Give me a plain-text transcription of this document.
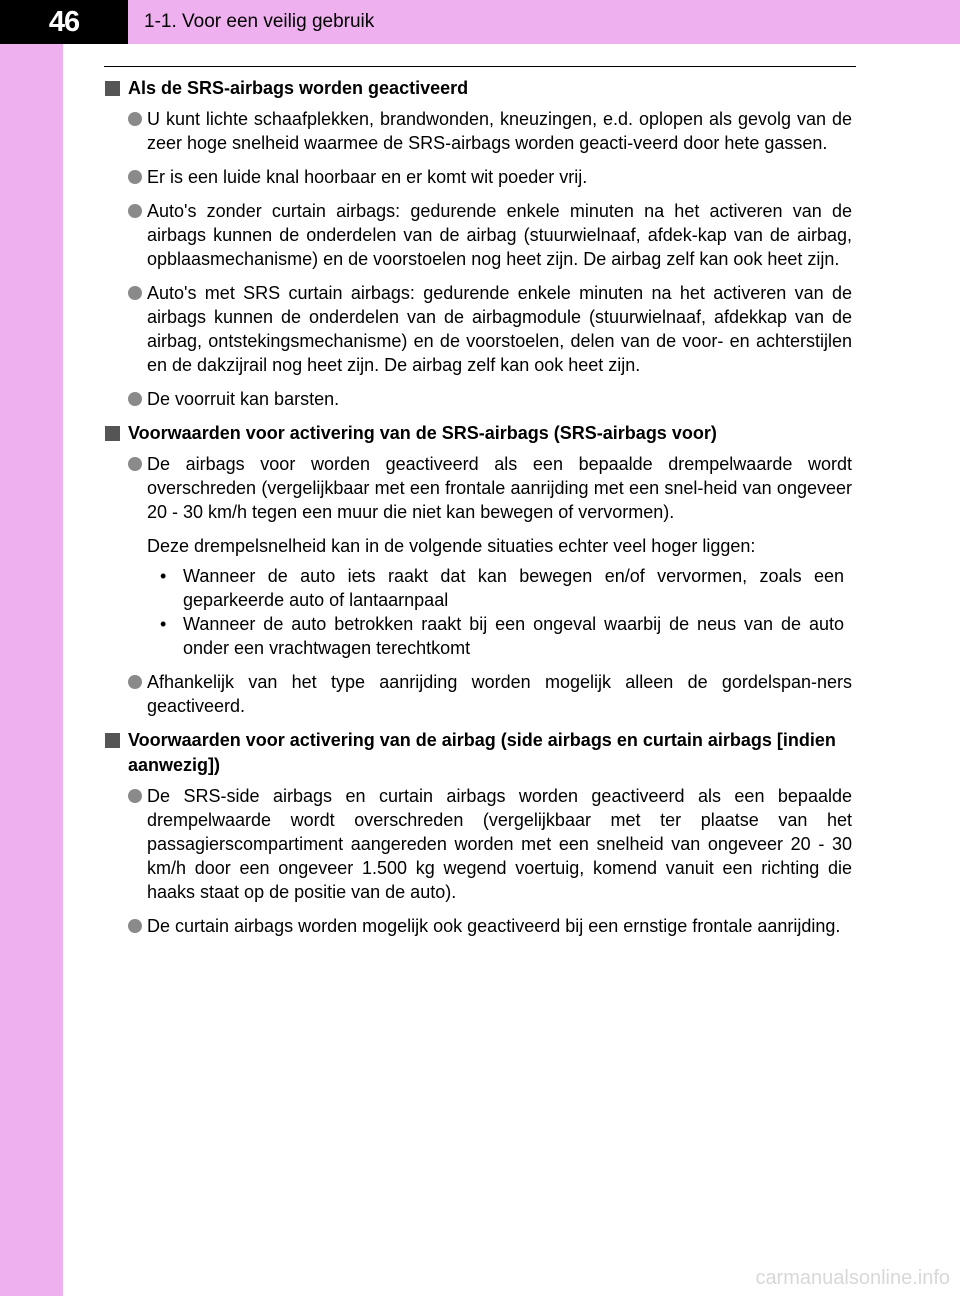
46	1-1. Voor een veilig gebruik
Als de SRS-airbags worden geactiveerd

U kunt lichte schaafplekken, brandwonden, kneuzingen, e.d. oplopen als gevolg van de zeer hoge snelheid waarmee de SRS-airbags worden geacti-veerd door hete gassen.

Er is een luide knal hoorbaar en er komt wit poeder vrij.

Auto's zonder curtain airbags: gedurende enkele minuten na het activeren van de airbags kunnen de onderdelen van de airbag (stuurwielnaaf, afdek-kap van de airbag, opblaasmechanisme) en de voorstoelen nog heet zijn. De airbag zelf kan ook heet zijn.

Auto's met SRS curtain airbags: gedurende enkele minuten na het activeren van de airbags kunnen de onderdelen van de airbagmodule (stuurwielnaaf, afdekkap van de airbag, ontstekingsmechanisme) en de voorstoelen, delen van de voor- en achterstijlen en de dakzijrail nog heet zijn. De airbag zelf kan ook heet zijn.

De voorruit kan barsten.

Voorwaarden voor activering van de SRS-airbags (SRS-airbags voor)

De airbags voor worden geactiveerd als een bepaalde drempelwaarde wordt overschreden (vergelijkbaar met een frontale aanrijding met een snel-heid van ongeveer 20 - 30 km/h tegen een muur die niet kan bewegen of vervormen).

Deze drempelsnelheid kan in de volgende situaties echter veel hoger liggen:

• Wanneer de auto iets raakt dat kan bewegen en/of vervormen, zoals een geparkeerde auto of lantaarnpaal
• Wanneer de auto betrokken raakt bij een ongeval waarbij de neus van de auto onder een vrachtwagen terechtkomt

Afhankelijk van het type aanrijding worden mogelijk alleen de gordelspan-ners geactiveerd.

Voorwaarden voor activering van de airbag (side airbags en curtain airbags [indien aanwezig])

De SRS-side airbags en curtain airbags worden geactiveerd als een bepaalde drempelwaarde wordt overschreden (vergelijkbaar met ter plaatse van het passagierscompartiment aangereden worden met een snelheid van ongeveer 20 - 30 km/h door een ongeveer 1.500 kg wegend voertuig, komend vanuit een richting die haaks staat op de positie van de auto).

De curtain airbags worden mogelijk ook geactiveerd bij een ernstige frontale aanrijding.

carmanualsonline.info
